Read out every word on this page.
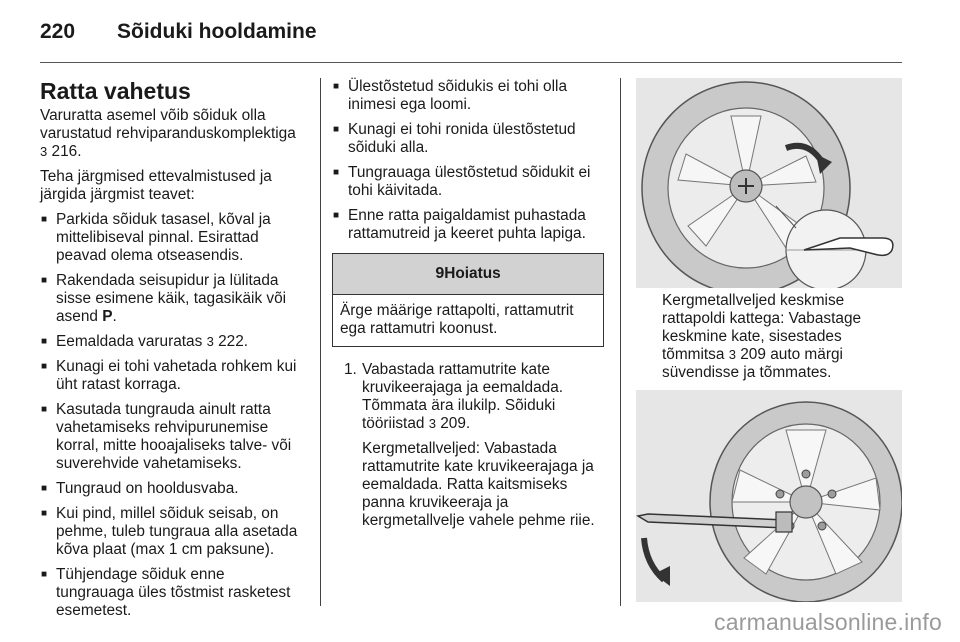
220 Sõiduki hooldamine
Ratta vahetus

Varuratta asemel võib sõiduk olla varustatud rehviparanduskomplektiga 3 216.

Teha järgmised ettevalmistused ja järgida järgmist teavet:

■ Parkida sõiduk tasasel, kõval ja mittelibiseval pinnal. Esirattad peavad olema otseasendis.
■ Rakendada seisupidur ja lülitada sisse esimene käik, tagasikäik või asend P.
■ Eemaldada varuratas 3 222.
■ Kunagi ei tohi vahetada rohkem kui üht ratast korraga.
■ Kasutada tungrauda ainult ratta vahetamiseks rehvipurunemise korral, mitte hooajaliseks talve- või suverehvide vahetamiseks.
■ Tungraud on hooldusvaba.
■ Kui pind, millel sõiduk seisab, on pehme, tuleb tungraua alla asetada kõva plaat (max 1 cm paksune).
■ Tühjendage sõiduk enne tungrauaga üles tõstmist rasketest esemetest.
■ Ülestõstetud sõidukis ei tohi olla inimesi ega loomi.
■ Kunagi ei tohi ronida ülestõstetud sõiduki alla.
■ Tungrauaga ülestõstetud sõidukit ei tohi käivitada.
■ Enne ratta paigaldamist puhastada rattamutreid ja keeret puhta lapiga.
9Hoiatus
Ärge määrige rattapolti, rattamutrit ega rattamutri koonust.
1. Vabastada rattamutrite kate kruvikeerajaga ja eemaldada. Tõmmata ära ilukilp. Sõiduki tööriistad 3 209.

Kergmetallveljed: Vabastada rattamutrite kate kruvikeerajaga ja eemaldada. Ratta kaitsmiseks panna kruvikeeraja ja kergmetallvelje vahele pehme riie.

Kergmetallveljed keskmise rattapoldi kattega: Vabastage keskmine kate, sisestades tõmmitsa 3 209 auto märgi süvendisse ja tõmmates.

carmanualsonline.info
